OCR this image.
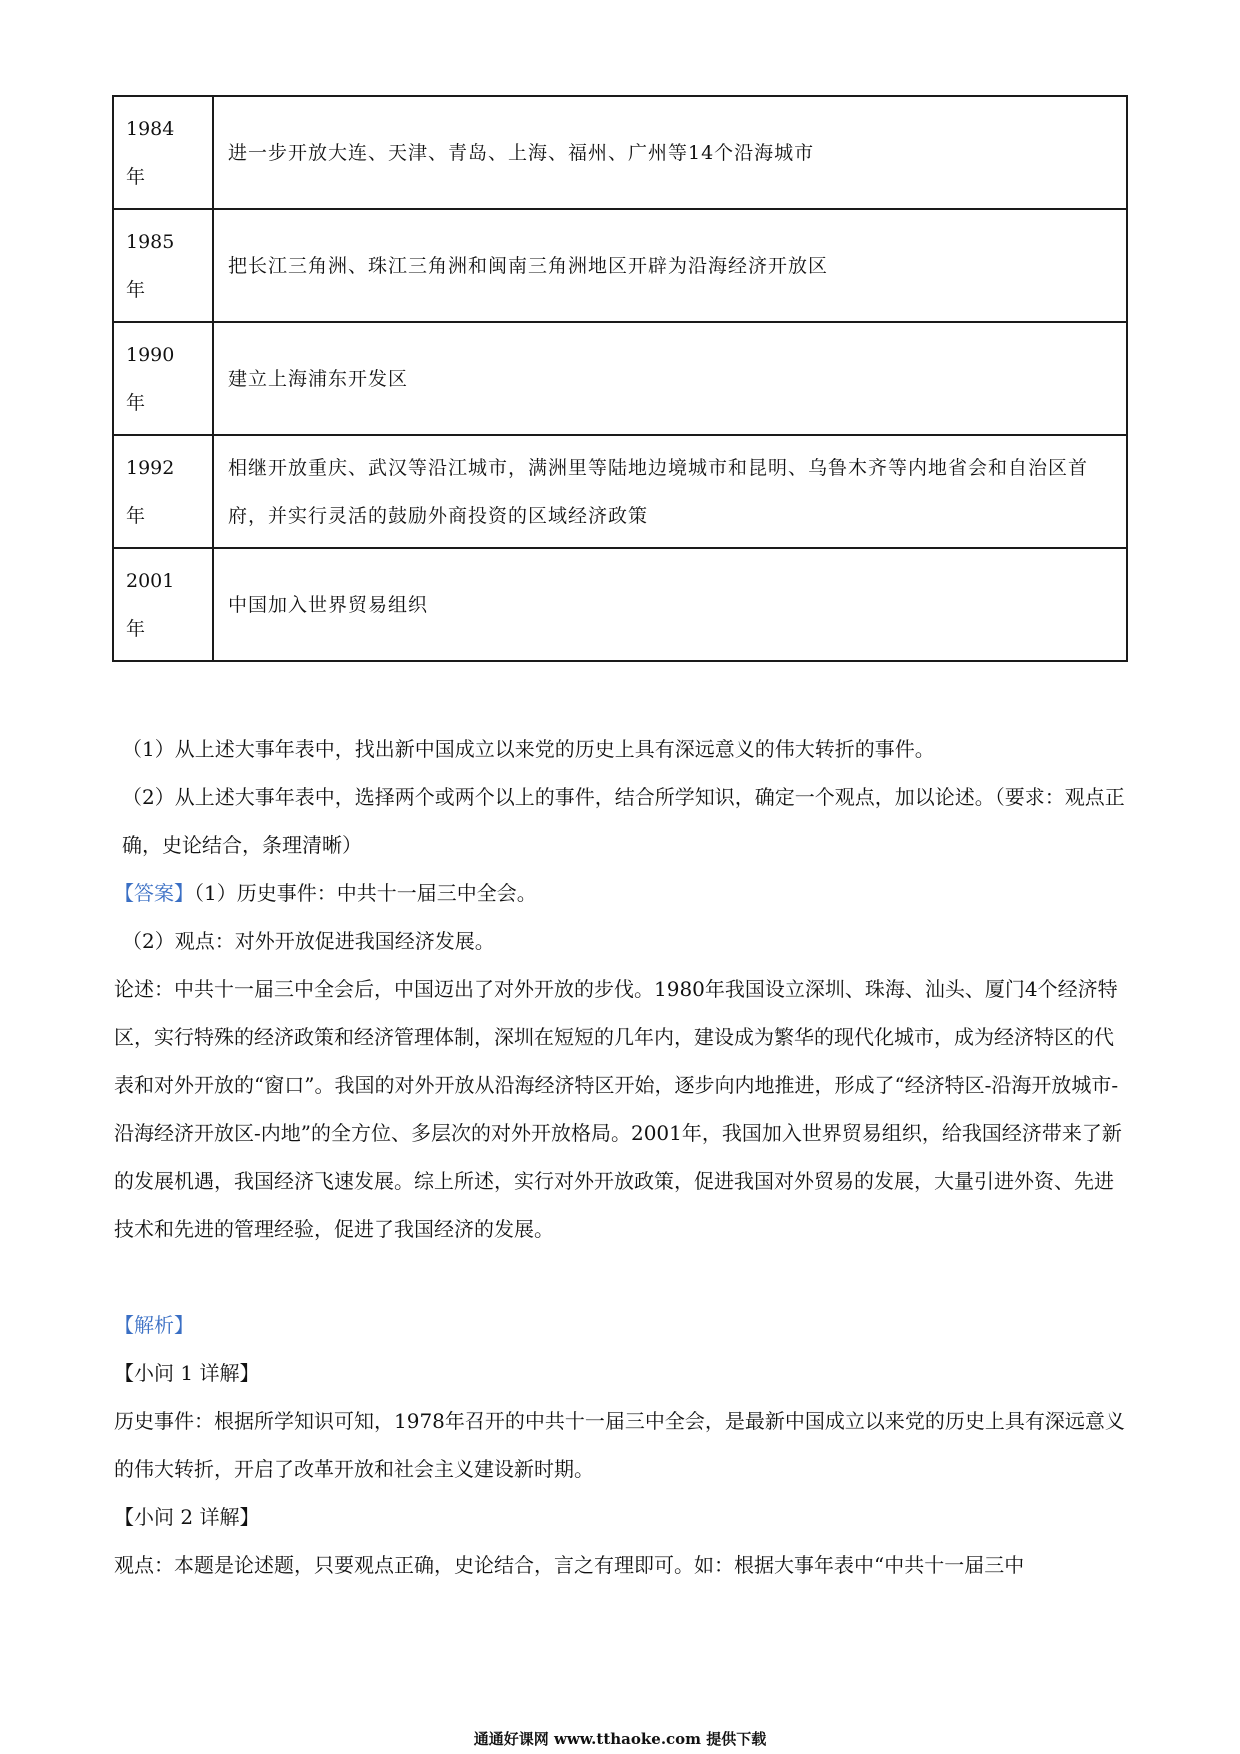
1984
年	进一步开放大连、天津、青岛、上海、福州、广州等14个沿海城市

1985
年	把长江三角洲、珠江三角洲和闽南三角洲地区开辟为沿海经济开放区

1990
年	建立上海浦东开发区

1992
年	相继开放重庆、武汉等沿江城市，满洲里等陆地边境城市和昆明、乌鲁木齐等内地省会和自治区首府，并实行灵活的鼓励外商投资的区域经济政策

2001
年	中国加入世界贸易组织

（1）从上述大事年表中，找出新中国成立以来党的历史上具有深远意义的伟大转折的事件。

（2）从上述大事年表中，选择两个或两个以上的事件，结合所学知识，确定一个观点，加以论述。（要求：观点正确，史论结合，条理清晰）

【答案】（1）历史事件：中共十一届三中全会。

（2）观点：对外开放促进我国经济发展。

论述：中共十一届三中全会后，中国迈出了对外开放的步伐。1980年我国设立深圳、珠海、汕头、厦门4个经济特区，实行特殊的经济政策和经济管理体制，深圳在短短的几年内，建设成为繁华的现代化城市，成为经济特区的代表和对外开放的“窗口”。我国的对外开放从沿海经济特区开始，逐步向内地推进，形成了“经济特区-沿海开放城市-沿海经济开放区-内地”的全方位、多层次的对外开放格局。2001年，我国加入世界贸易组织，给我国经济带来了新的发展机遇，我国经济飞速发展。综上所述，实行对外开放政策，促进我国对外贸易的发展，大量引进外资、先进技术和先进的管理经验，促进了我国经济的发展。

【解析】

【小问 1 详解】

历史事件：根据所学知识可知，1978年召开的中共十一届三中全会，是最新中国成立以来党的历史上具有深远意义的伟大转折，开启了改革开放和社会主义建设新时期。

【小问 2 详解】

观点：本题是论述题，只要观点正确，史论结合，言之有理即可。如：根据大事年表中“中共十一届三中

通通好课网 www.tthaoke.com 提供下载
